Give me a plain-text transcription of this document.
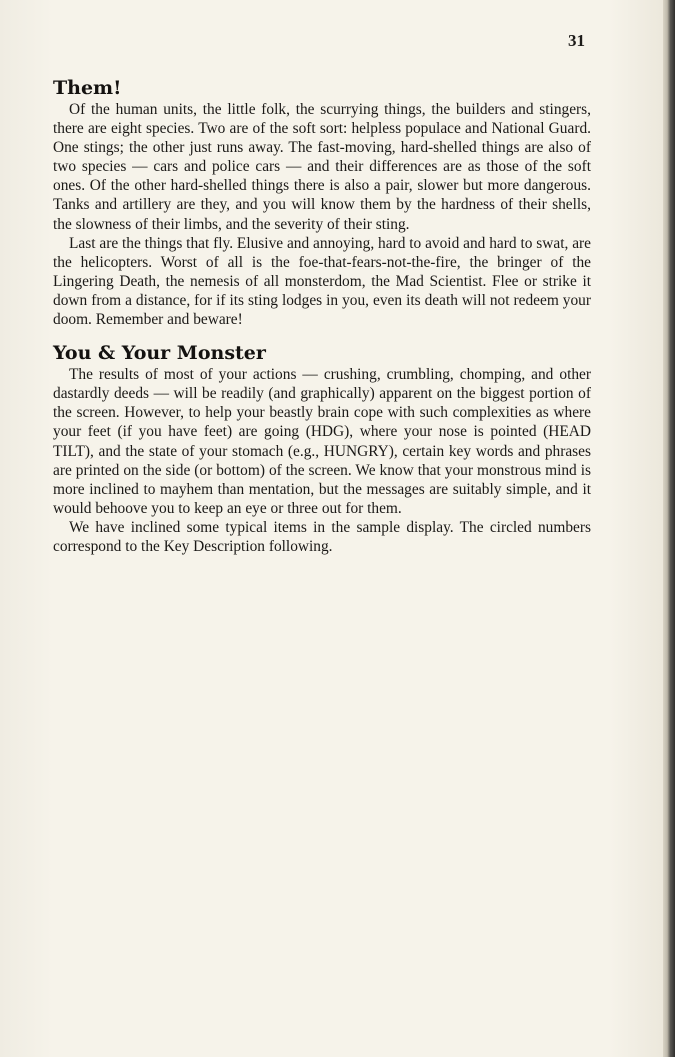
31
Them!

Of the human units, the little folk, the scurrying things, the builders and stingers, there are eight species. Two are of the soft sort: helpless populace and National Guard. One stings; the other just runs away. The fast-moving, hard-shelled things are also of two species — cars and police cars — and their differences are as those of the soft ones. Of the other hard-shelled things there is also a pair, slower but more dangerous. Tanks and artillery are they, and you will know them by the hardness of their shells, the slowness of their limbs, and the severity of their sting.

Last are the things that fly. Elusive and annoying, hard to avoid and hard to swat, are the helicopters. Worst of all is the foe-that-fears-not-the-fire, the bringer of the Lingering Death, the nemesis of all monsterdom, the Mad Scientist. Flee or strike it down from a distance, for if its sting lodges in you, even its death will not redeem your doom. Remember and beware!

You & Your Monster

The results of most of your actions — crushing, crumbling, chomping, and other dastardly deeds — will be readily (and graphically) apparent on the biggest portion of the screen. However, to help your beastly brain cope with such complexities as where your feet (if you have feet) are going (HDG), where your nose is pointed (HEAD TILT), and the state of your stomach (e.g., HUNGRY), certain key words and phrases are printed on the side (or bottom) of the screen. We know that your monstrous mind is more inclined to mayhem than mentation, but the messages are suitably simple, and it would behoove you to keep an eye or three out for them.

We have inclined some typical items in the sample display. The circled numbers correspond to the Key Description following.
